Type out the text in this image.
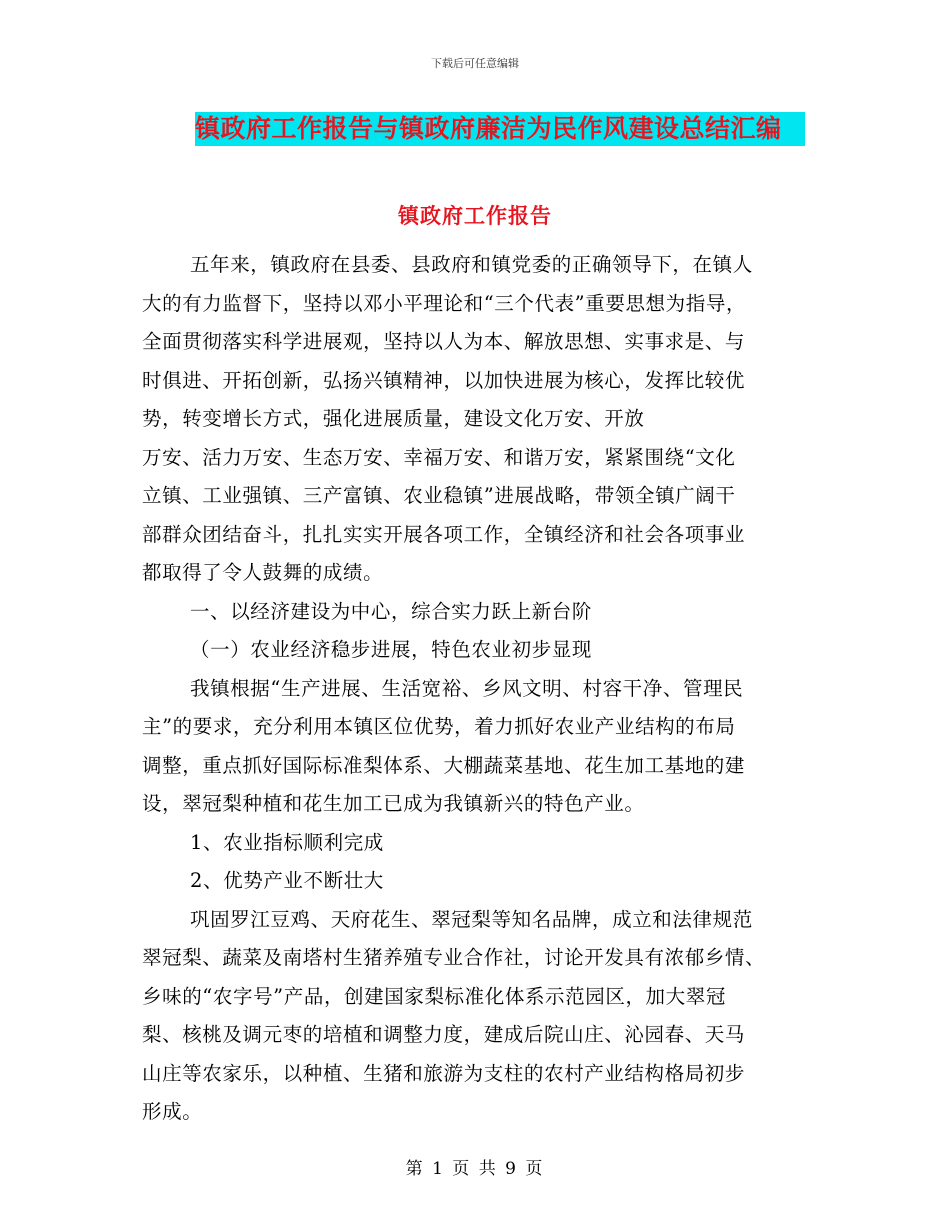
下载后可任意编辑
镇政府工作报告与镇政府廉洁为民作风建设总结汇编
镇政府工作报告
五年来，镇政府在县委、县政府和镇党委的正确领导下，在镇人
大的有力监督下，坚持以邓小平理论和“三个代表”重要思想为指导，
全面贯彻落实科学进展观，坚持以人为本、解放思想、实事求是、与
时俱进、开拓创新，弘扬兴镇精神，以加快进展为核心，发挥比较优
势，转变增长方式，强化进展质量，建设文化万安、开放
万安、活力万安、生态万安、幸福万安、和谐万安，紧紧围绕“文化
立镇、工业强镇、三产富镇、农业稳镇”进展战略，带领全镇广阔干
部群众团结奋斗，扎扎实实开展各项工作，全镇经济和社会各项事业
都取得了令人鼓舞的成绩。
一、以经济建设为中心，综合实力跃上新台阶
（一）农业经济稳步进展，特色农业初步显现
我镇根据“生产进展、生活宽裕、乡风文明、村容干净、管理民
主”的要求，充分利用本镇区位优势，着力抓好农业产业结构的布局
调整，重点抓好国际标准梨体系、大棚蔬菜基地、花生加工基地的建
设，翠冠梨种植和花生加工已成为我镇新兴的特色产业。
1、农业指标顺利完成
2、优势产业不断壮大
巩固罗江豆鸡、天府花生、翠冠梨等知名品牌，成立和法律规范
翠冠梨、蔬菜及南塔村生猪养殖专业合作社，讨论开发具有浓郁乡情、
乡味的“农字号”产品，创建国家梨标准化体系示范园区，加大翠冠
梨、核桃及调元枣的培植和调整力度，建成后院山庄、沁园春、天马
山庄等农家乐，以种植、生猪和旅游为支柱的农村产业结构格局初步
形成。
第 1 页 共 9 页
